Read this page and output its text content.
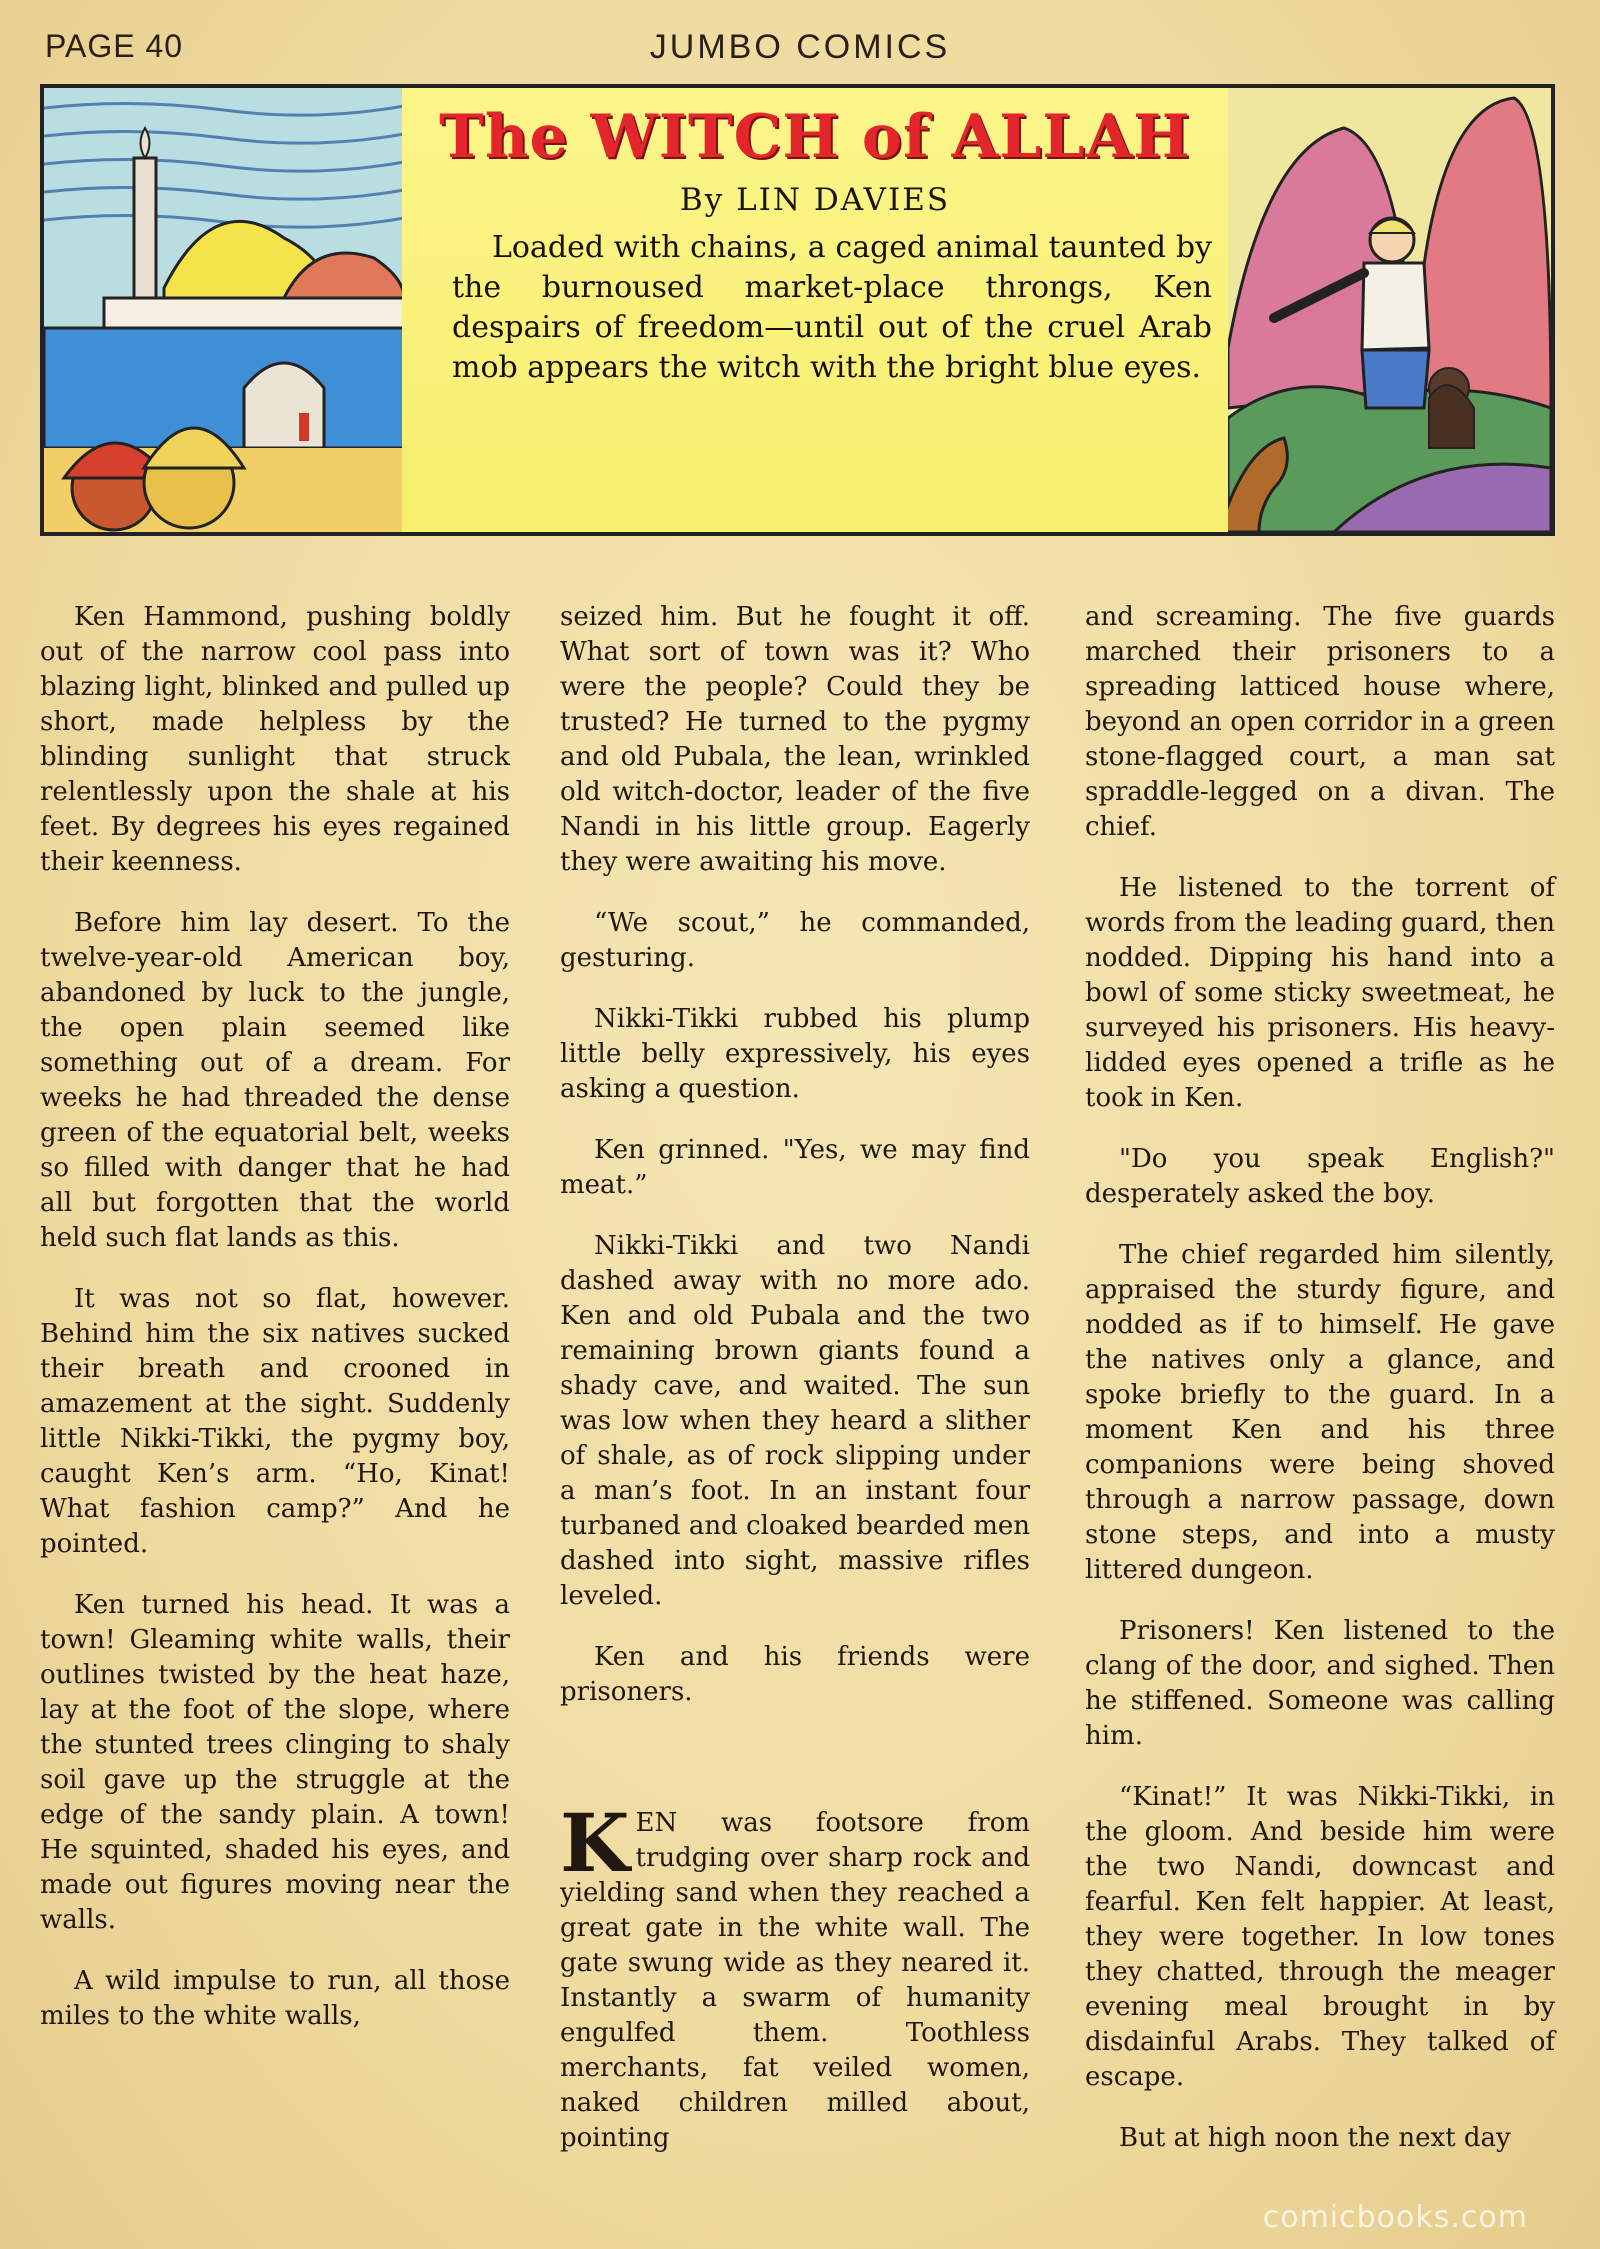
PAGE 40	JUMBO COMICS
The WITCH of ALLAH
By LIN DAVIES
Loaded with chains, a caged animal taunted by the burnoused market-place throngs, Ken despairs of freedom—until out of the cruel Arab mob appears the witch with the bright blue eyes.

Ken Hammond, pushing boldly out of the narrow cool pass into blazing light, blinked and pulled up short, made helpless by the blinding sunlight that struck relentlessly upon the shale at his feet. By degrees his eyes regained their keenness.

Before him lay desert. To the twelve-year-old American boy, abandoned by luck to the jungle, the open plain seemed like something out of a dream. For weeks he had threaded the dense green of the equatorial belt, weeks so filled with danger that he had all but forgotten that the world held such flat lands as this.

It was not so flat, however. Behind him the six natives sucked their breath and crooned in amazement at the sight. Suddenly little Nikki-Tikki, the pygmy boy, caught Ken’s arm. “Ho, Kinat! What fashion camp?” And he pointed.

Ken turned his head. It was a town! Gleaming white walls, their outlines twisted by the heat haze, lay at the foot of the slope, where the stunted trees clinging to shaly soil gave up the struggle at the edge of the sandy plain. A town! He squinted, shaded his eyes, and made out figures moving near the walls.

A wild impulse to run, all those miles to the white walls,

seized him. But he fought it off. What sort of town was it? Who were the people? Could they be trusted? He turned to the pygmy and old Pubala, the lean, wrinkled old witch-doctor, leader of the five Nandi in his little group. Eagerly they were awaiting his move.

“We scout,” he commanded, gesturing.

Nikki-Tikki rubbed his plump little belly expressively, his eyes asking a question.

Ken grinned. "Yes, we may find meat.”

Nikki-Tikki and two Nandi dashed away with no more ado. Ken and old Pubala and the two remaining brown giants found a shady cave, and waited. The sun was low when they heard a slither of shale, as of rock slipping under a man’s foot. In an instant four turbaned and cloaked bearded men dashed into sight, massive rifles leveled.

Ken and his friends were prisoners.

KEN was footsore from trudging over sharp rock and yielding sand when they reached a great gate in the white wall. The gate swung wide as they neared it. Instantly a swarm of humanity engulfed them. Toothless merchants, fat veiled women, naked children milled about, pointing

and screaming. The five guards marched their prisoners to a spreading latticed house where, beyond an open corridor in a green stone-flagged court, a man sat spraddle-legged on a divan. The chief.

He listened to the torrent of words from the leading guard, then nodded. Dipping his hand into a bowl of some sticky sweetmeat, he surveyed his prisoners. His heavy-lidded eyes opened a trifle as he took in Ken.

"Do you speak English?" desperately asked the boy.

The chief regarded him silently, appraised the sturdy figure, and nodded as if to himself. He gave the natives only a glance, and spoke briefly to the guard. In a moment Ken and his three companions were being shoved through a narrow passage, down stone steps, and into a musty littered dungeon.

Prisoners! Ken listened to the clang of the door, and sighed. Then he stiffened. Someone was calling him.

“Kinat!” It was Nikki-Tikki, in the gloom. And beside him were the two Nandi, downcast and fearful. Ken felt happier. At least, they were together. In low tones they chatted, through the meager evening meal brought in by disdainful Arabs. They talked of escape.

But at high noon the next day

comicbooks.com
